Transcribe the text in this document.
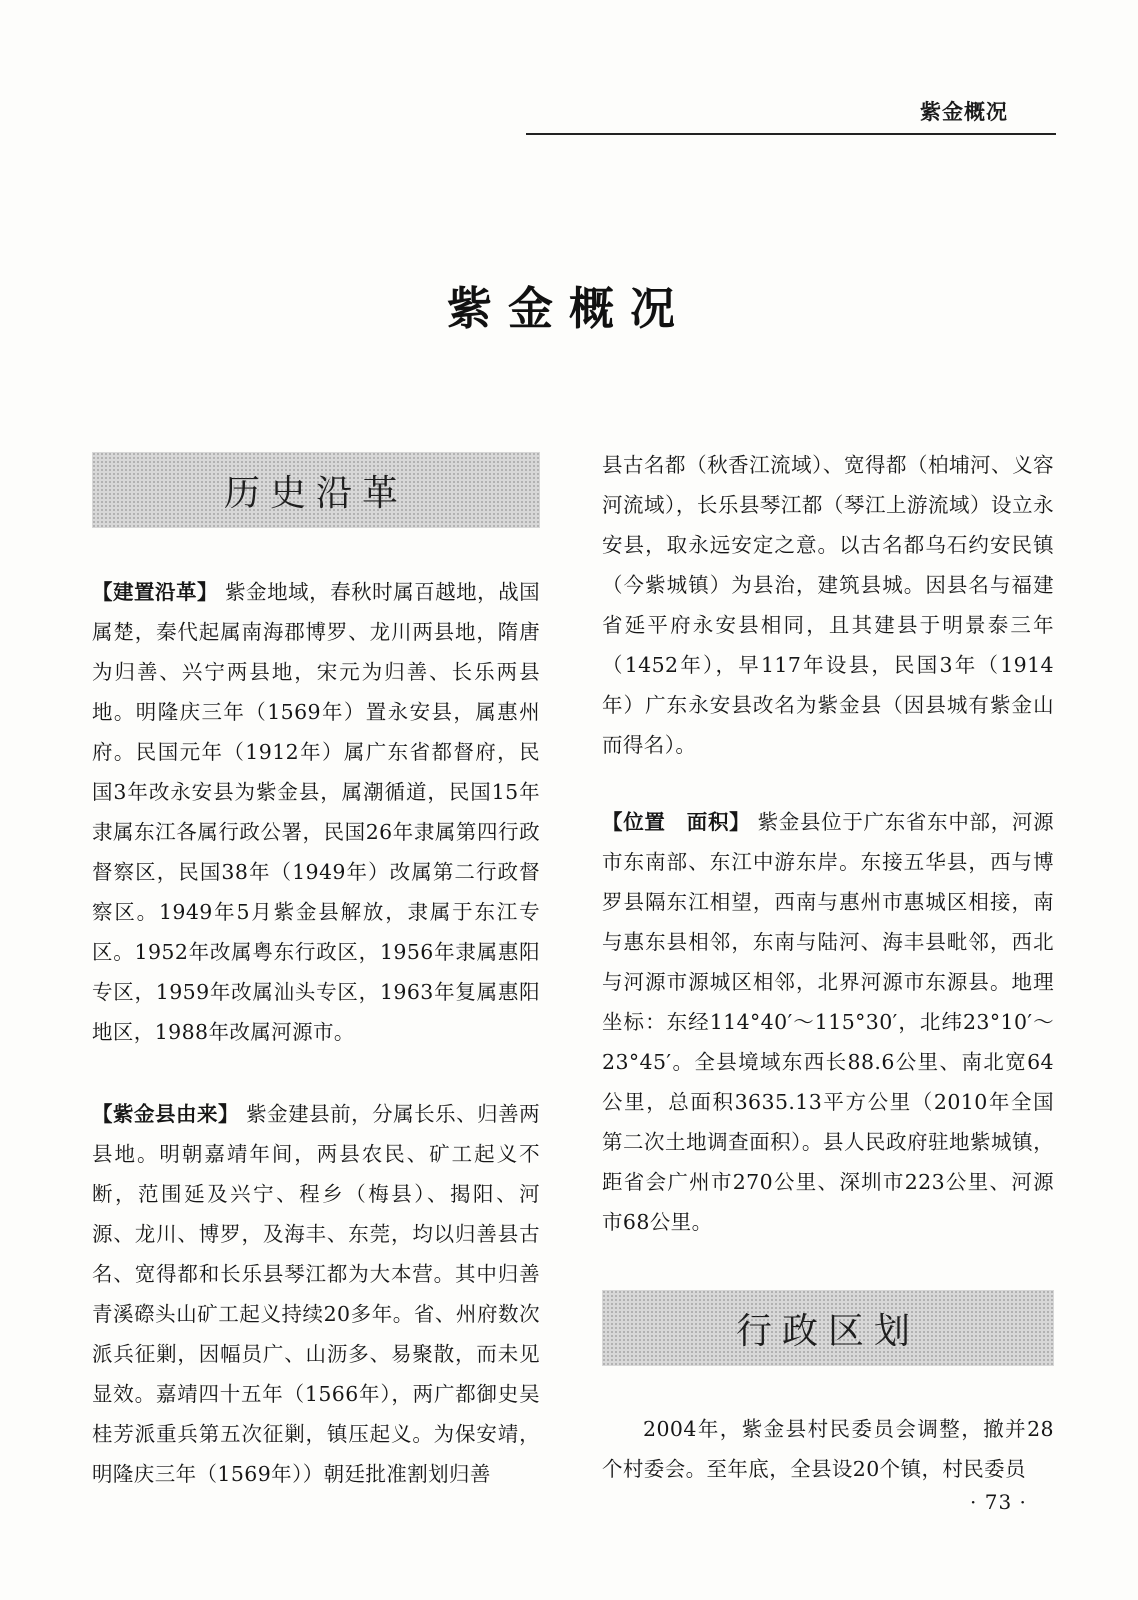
紫金概况
紫金概况
历史沿革

【建置沿革】 紫金地域，春秋时属百越地，战国属楚，秦代起属南海郡博罗、龙川两县地，隋唐为归善、兴宁两县地，宋元为归善、长乐两县地。明隆庆三年（1569年）置永安县，属惠州府。民国元年（1912年）属广东省都督府，民国3年改永安县为紫金县，属潮循道，民国15年隶属东江各属行政公署，民国26年隶属第四行政督察区，民国38年（1949年）改属第二行政督察区。1949年5月紫金县解放，隶属于东江专区。1952年改属粤东行政区，1956年隶属惠阳专区，1959年改属汕头专区，1963年复属惠阳地区，1988年改属河源市。

【紫金县由来】 紫金建县前，分属长乐、归善两县地。明朝嘉靖年间，两县农民、矿工起义不断，范围延及兴宁、程乡（梅县）、揭阳、河源、龙川、博罗，及海丰、东莞，均以归善县古名、宽得都和长乐县琴江都为大本营。其中归善青溪磜头山矿工起义持续20多年。省、州府数次派兵征剿，因幅员广、山沥多、易聚散，而未见显效。嘉靖四十五年（1566年），两广都御史吴桂芳派重兵第五次征剿，镇压起义。为保安靖，明隆庆三年（1569年））朝廷批准割划归善

县古名都（秋香江流域）、宽得都（柏埔河、义容河流域），长乐县琴江都（琴江上游流域）设立永安县，取永远安定之意。以古名都乌石约安民镇（今紫城镇）为县治，建筑县城。因县名与福建省延平府永安县相同，且其建县于明景泰三年（1452年），早117年设县，民国3年（1914年）广东永安县改名为紫金县（因县城有紫金山而得名）。

【位置　面积】 紫金县位于广东省东中部，河源市东南部、东江中游东岸。东接五华县，西与博罗县隔东江相望，西南与惠州市惠城区相接，南与惠东县相邻，东南与陆河、海丰县毗邻，西北与河源市源城区相邻，北界河源市东源县。地理坐标：东经114°40′～115°30′，北纬23°10′～23°45′。全县境域东西长88.6公里、南北宽64公里，总面积3635.13平方公里（2010年全国第二次土地调查面积）。县人民政府驻地紫城镇，距省会广州市270公里、深圳市223公里、河源市68公里。

行政区划

2004年，紫金县村民委员会调整，撤并28个村委会。至年底，全县设20个镇，村民委员

· 73 ·
